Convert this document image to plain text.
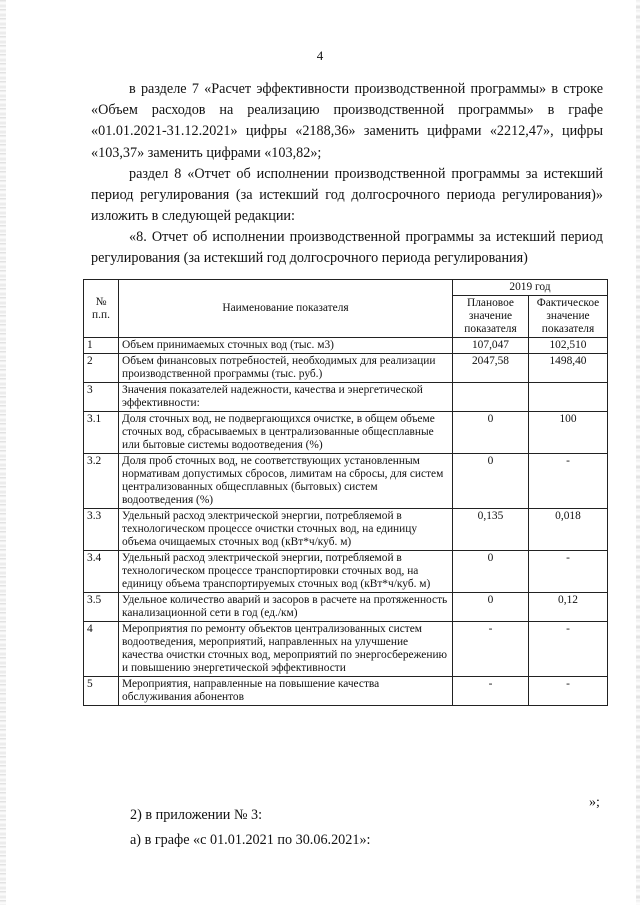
4
в разделе 7 «Расчет эффективности производственной программы» в строке «Объем расходов на реализацию производственной программы» в графе «01.01.2021-31.12.2021» цифры «2188,36» заменить цифрами «2212,47», цифры «103,37» заменить цифрами «103,82»;
раздел 8 «Отчет об исполнении производственной программы за истекший период регулирования (за истекший год долгосрочного периода регулирования)» изложить в следующей редакции:
«8. Отчет об исполнении производственной программы за истекший период регулирования (за истекший год долгосрочного периода регулирования)
№ п.п.	Наименование показателя	2019 год	
		Плановое значение показателя	Фактическое значение показателя
1	Объем принимаемых сточных вод (тыс. м3)	107,047	102,510
2	Объем финансовых потребностей, необходимых для реализации производственной программы (тыс. руб.)	2047,58	1498,40
3	Значения показателей надежности, качества и энергетической эффективности:		
3.1	Доля сточных вод, не подвергающихся очистке, в общем объеме сточных вод, сбрасываемых в централизованные общесплавные или бытовые системы водоотведения (%)	0	100
3.2	Доля проб сточных вод, не соответствующих установленным нормативам допустимых сбросов, лимитам на сбросы, для систем централизованных общесплавных (бытовых) систем водоотведения (%)	0	-
3.3	Удельный расход электрической энергии, потребляемой в технологическом процессе очистки сточных вод, на единицу объема очищаемых сточных вод (кВт*ч/куб. м)	0,135	0,018
3.4	Удельный расход электрической энергии, потребляемой в технологическом процессе транспортировки сточных вод, на единицу объема транспортируемых сточных вод (кВт*ч/куб. м)	0	-
3.5	Удельное количество аварий и засоров в расчете на протяженность канализационной сети в год (ед./км)	0	0,12
4	Мероприятия по ремонту объектов централизованных систем водоотведения, мероприятий, направленных на улучшение качества очистки сточных вод, мероприятий по энергосбережению и повышению энергетической эффективности	-	-
5	Мероприятия, направленные на повышение качества обслуживания абонентов	-	-
»;
2) в приложении № 3:
а) в графе «с 01.01.2021 по 30.06.2021»:
